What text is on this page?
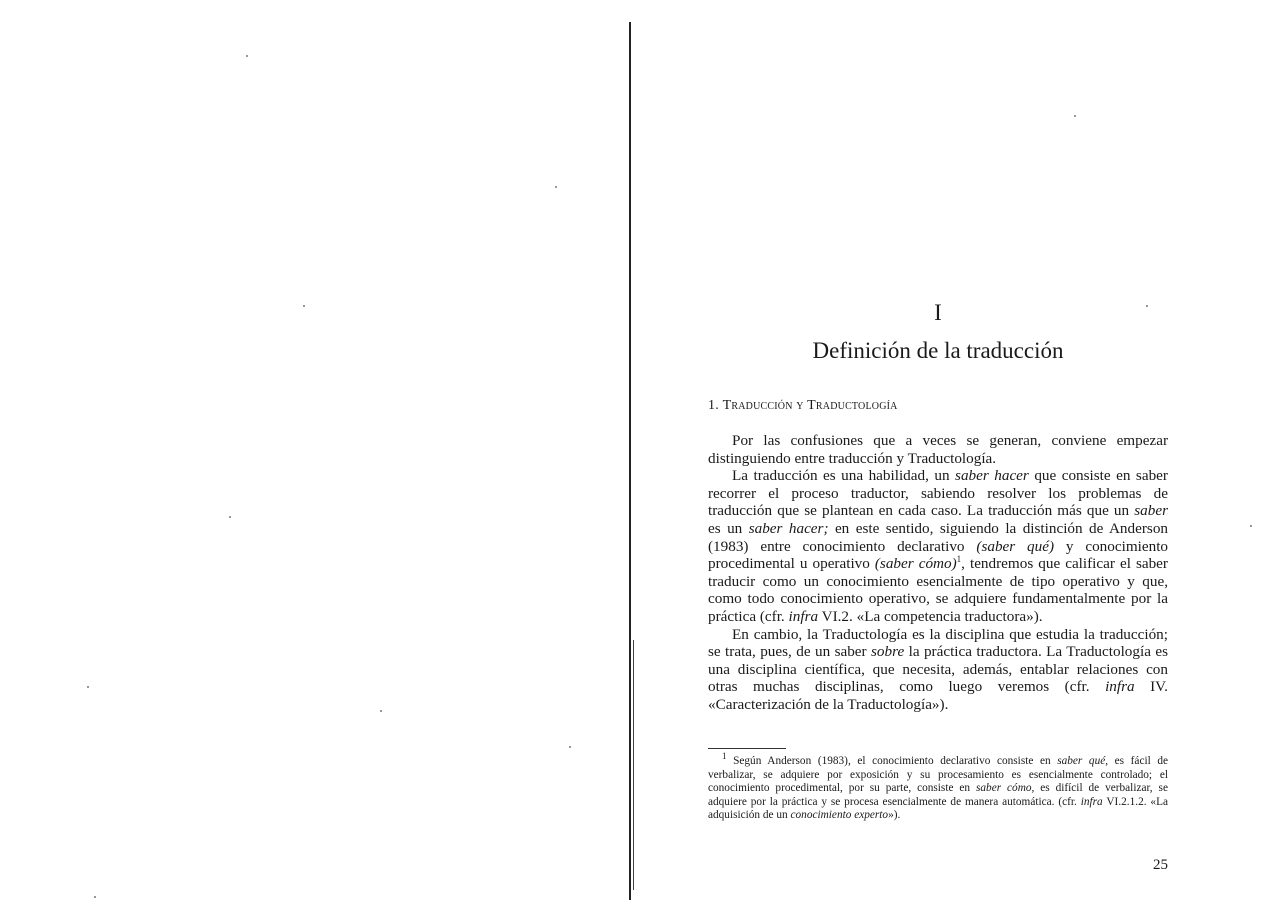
I
Definición de la traducción
1. Traducción y Traductología

Por las confusiones que a veces se generan, conviene empezar distinguiendo entre traducción y Traductología.

La traducción es una habilidad, un saber hacer que consiste en saber recorrer el proceso traductor, sabiendo resolver los problemas de traducción que se plantean en cada caso. La traducción más que un saber es un saber hacer; en este sentido, siguiendo la distinción de Anderson (1983) entre conocimiento declarativo (saber qué) y conocimiento procedimental u operativo (saber cómo)$^1$, tendremos que calificar el saber traducir como un conocimiento esencialmente de tipo operativo y que, como todo conocimiento operativo, se adquiere fundamentalmente por la práctica (cfr. infra VI.2. «La competencia traductora»).

En cambio, la Traductología es la disciplina que estudia la traducción; se trata, pues, de un saber sobre la práctica traductora. La Traductología es una disciplina científica, que necesita, además, entablar relaciones con otras muchas disciplinas, como luego veremos (cfr. infra IV. «Caracterización de la Traductología»).

$^1$ Según Anderson (1983), el conocimiento declarativo consiste en saber qué, es fácil de verbalizar, se adquiere por exposición y su procesamiento es esencialmente controlado; el conocimiento procedimental, por su parte, consiste en saber cómo, es difícil de verbalizar, se adquiere por la práctica y se procesa esencialmente de manera automática. (cfr. infra VI.2.1.2. «La adquisición de un conocimiento experto»).

25
